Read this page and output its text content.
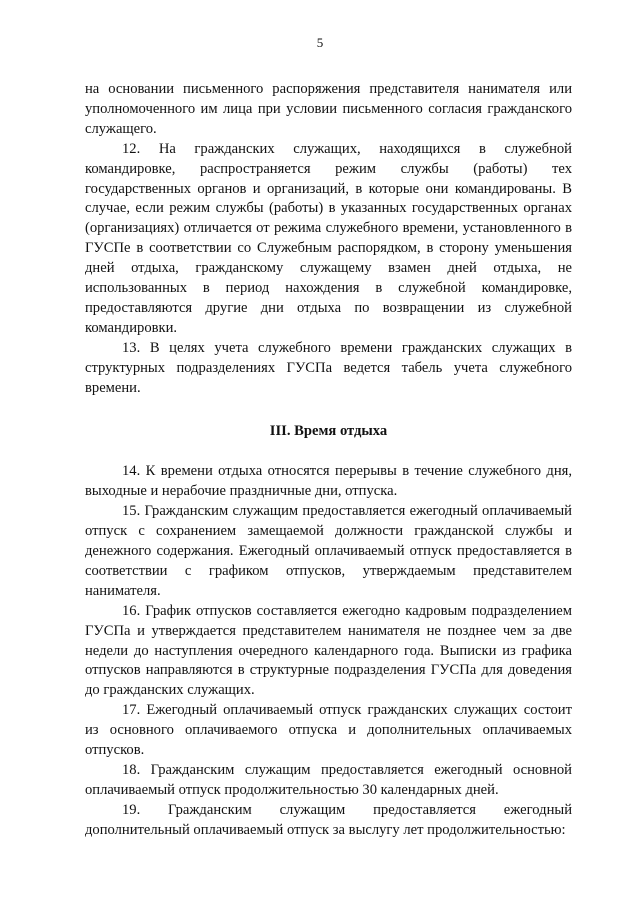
5

на основании письменного распоряжения представителя нанимателя или уполномоченного им лица при условии письменного согласия гражданского служащего.

12. На гражданских служащих, находящихся в служебной командировке, распространяется режим службы (работы) тех государственных органов и организаций, в которые они командированы. В случае, если режим службы (работы) в указанных государственных органах (организациях) отличается от режима служебного времени, установленного в ГУСПе в соответствии со Служебным распорядком, в сторону уменьшения дней отдыха, гражданскому служащему взамен дней отдыха, не использованных в период нахождения в служебной командировке, предоставляются другие дни отдыха по возвращении из служебной командировки.

13. В целях учета служебного времени гражданских служащих в структурных подразделениях ГУСПа ведется табель учета служебного времени.

III. Время отдыха

14. К времени отдыха относятся перерывы в течение служебного дня, выходные и нерабочие праздничные дни, отпуска.

15. Гражданским служащим предоставляется ежегодный оплачиваемый отпуск с сохранением замещаемой должности гражданской службы и денежного содержания. Ежегодный оплачиваемый отпуск предоставляется в соответствии с графиком отпусков, утверждаемым представителем нанимателя.

16. График отпусков составляется ежегодно кадровым подразделением ГУСПа и утверждается представителем нанимателя не позднее чем за две недели до наступления очередного календарного года. Выписки из графика отпусков направляются в структурные подразделения ГУСПа для доведения до гражданских служащих.

17. Ежегодный оплачиваемый отпуск гражданских служащих состоит из основного оплачиваемого отпуска и дополнительных оплачиваемых отпусков.

18. Гражданским служащим предоставляется ежегодный основной оплачиваемый отпуск продолжительностью 30 календарных дней.

19. Гражданским служащим предоставляется ежегодный дополнительный оплачиваемый отпуск за выслугу лет продолжительностью:
